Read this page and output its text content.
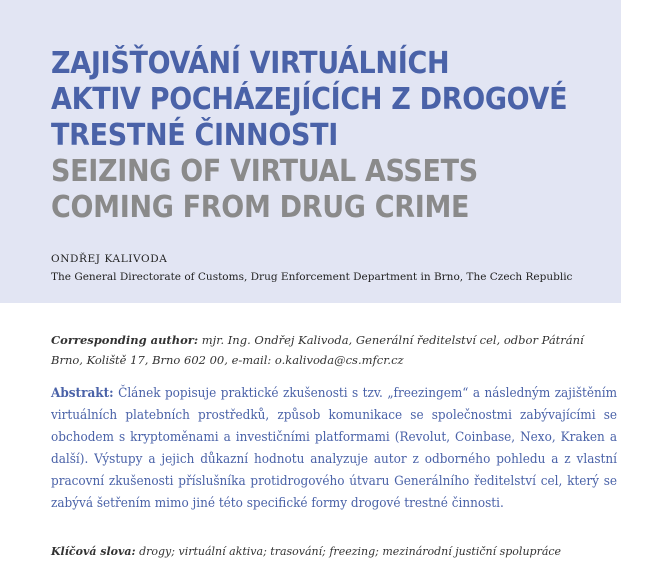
ZAJIŠŤOVÁNÍ VIRTUÁLNÍCH
AKTIV POCHÁZEJÍCÍCH Z DROGOVÉ
TRESTNÉ ČINNOSTI
SEIZING OF VIRTUAL ASSETS
COMING FROM DRUG CRIME
ONDŘEJ KALIVODA
The General Directorate of Customs, Drug Enforcement Department in Brno, The Czech Republic
Corresponding author: mjr. Ing. Ondřej Kalivoda, Generální ředitelství cel, odbor Pátrání Brno, Koliště 17, Brno 602 00, e-mail: o.kalivoda@cs.mfcr.cz
Abstrakt: Článek popisuje praktické zkušenosti s tzv. „freezingem“ a následným zajištěním virtuálních platebních prostředků, způsob komunikace se společnostmi zabývajícími se obchodem s kryptoměnami a investičními platformami (Revolut, Coinbase, Nexo, Kraken a další). Výstupy a jejich důkazní hodnotu analyzuje autor z odborného pohledu a z vlastní pracovní zkušenosti příslušníka protidrogového útvaru Generálního ředitelství cel, který se zabývá šetřením mimo jiné této specifické formy drogové trestné činnosti.
Klíčová slova: drogy; virtuální aktiva; trasování; freezing; mezinárodní justiční spolupráce
